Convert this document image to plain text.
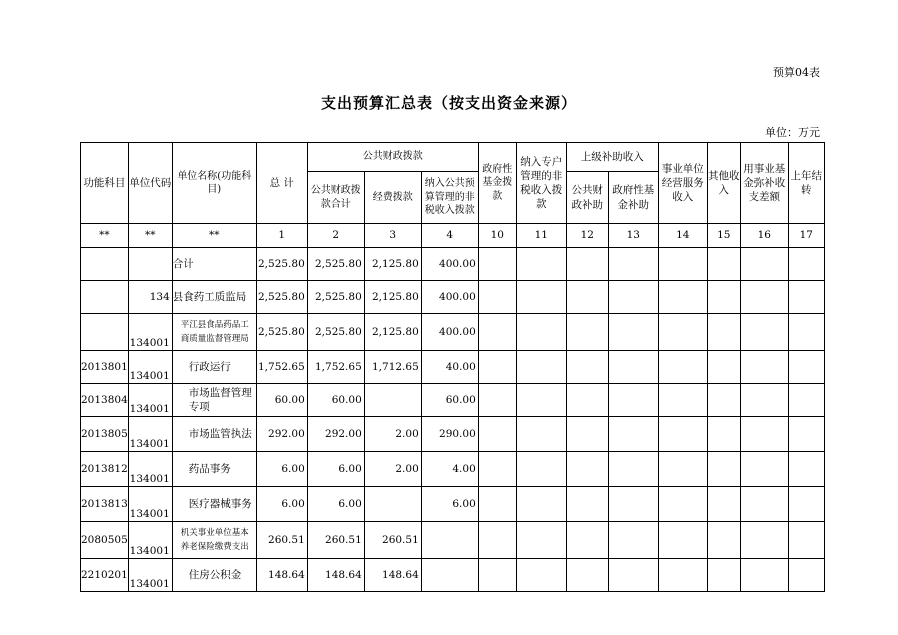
预算04表
支出预算汇总表（按支出资金来源）
单位：万元
功能科目	单位代码	单位名称(功能科目)	总 计	公共财政拨款			政府性基金拨款	纳入专户管理的非税收入拨款	上级补助收入		事业单位经营服务收入	其他收入	用事业基金弥补收支差额	上年结转
				公共财政拨款合计	经费拨款	纳入公共预算管理的非税收入拨款			公共财政补助	政府性基金补助				
**	**	**	1	2	3	4	10	11	12	13	14	15	16	17
		合计	2,525.80	2,525.80	2,125.80	400.00								
	134	县食药工质监局	2,525.80	2,525.80	2,125.80	400.00								
	134001	平江县食品药品工商质量监督管理局	2,525.80	2,525.80	2,125.80	400.00								
2013801	134001	行政运行	1,752.65	1,752.65	1,712.65	40.00								
2013804	134001	市场监督管理专项	60.00	60.00		60.00								
2013805	134001	市场监管执法	292.00	292.00	2.00	290.00								
2013812	134001	药品事务	6.00	6.00	2.00	4.00								
2013813	134001	医疗器械事务	6.00	6.00		6.00								
2080505	134001	机关事业单位基本养老保险缴费支出	260.51	260.51	260.51									
2210201	134001	住房公积金	148.64	148.64	148.64									
